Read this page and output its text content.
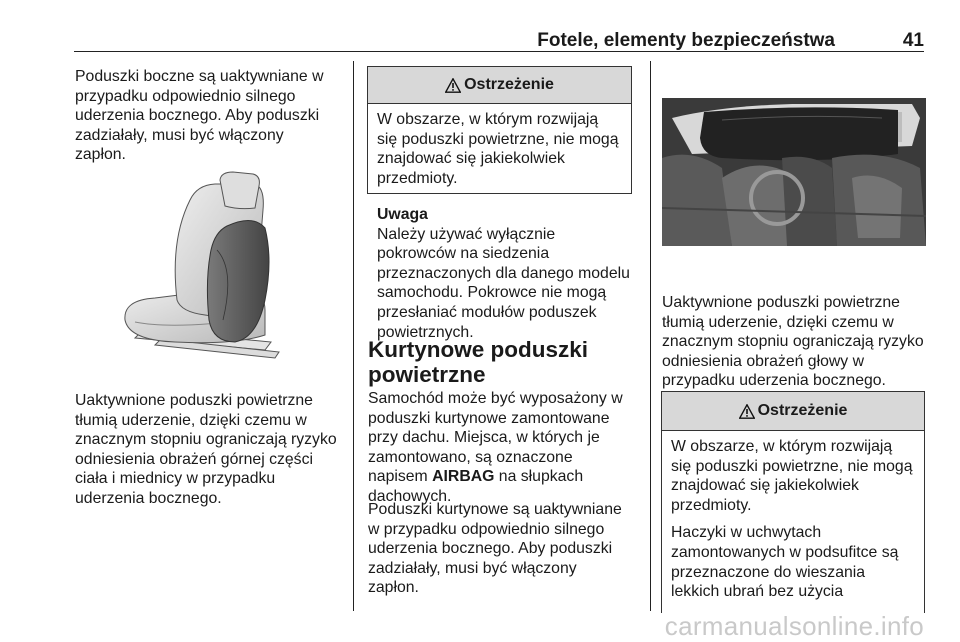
Fotele, elementy bezpieczeństwa	41
Poduszki boczne są uaktywniane w
przypadku odpowiednio silnego
uderzenia bocznego. Aby poduszki
zadziałały, musi być włączony
zapłon.
Uaktywnione poduszki powietrzne
tłumią uderzenie, dzięki czemu w
znacznym stopniu ograniczają ryzyko
odniesienia obrażeń górnej części
ciała i miednicy w przypadku
uderzenia bocznego.
Ostrzeżenie
W obszarze, w którym rozwijają
się poduszki powietrzne, nie mogą
znajdować się jakiekolwiek
przedmioty.
Uwaga
Należy używać wyłącznie
pokrowców na siedzenia
przeznaczonych dla danego modelu
samochodu. Pokrowce nie mogą
przesłaniać modułów poduszek
powietrznych.
Kurtynowe poduszki
powietrzne
Samochód może być wyposażony w
poduszki kurtynowe zamontowane
przy dachu. Miejsca, w których je
zamontowano, są oznaczone
napisem AIRBAG na słupkach
dachowych.
Poduszki kurtynowe są uaktywniane
w przypadku odpowiednio silnego
uderzenia bocznego. Aby poduszki
zadziałały, musi być włączony
zapłon.
Uaktywnione poduszki powietrzne
tłumią uderzenie, dzięki czemu w
znacznym stopniu ograniczają ryzyko
odniesienia obrażeń głowy w
przypadku uderzenia bocznego.
Ostrzeżenie

W obszarze, w którym rozwijają
się poduszki powietrzne, nie mogą
znajdować się jakiekolwiek
przedmioty.

Haczyki w uchwytach
zamontowanych w podsufitce są
przeznaczone do wieszania
lekkich ubrań bez użycia

carmanualsonline.info
